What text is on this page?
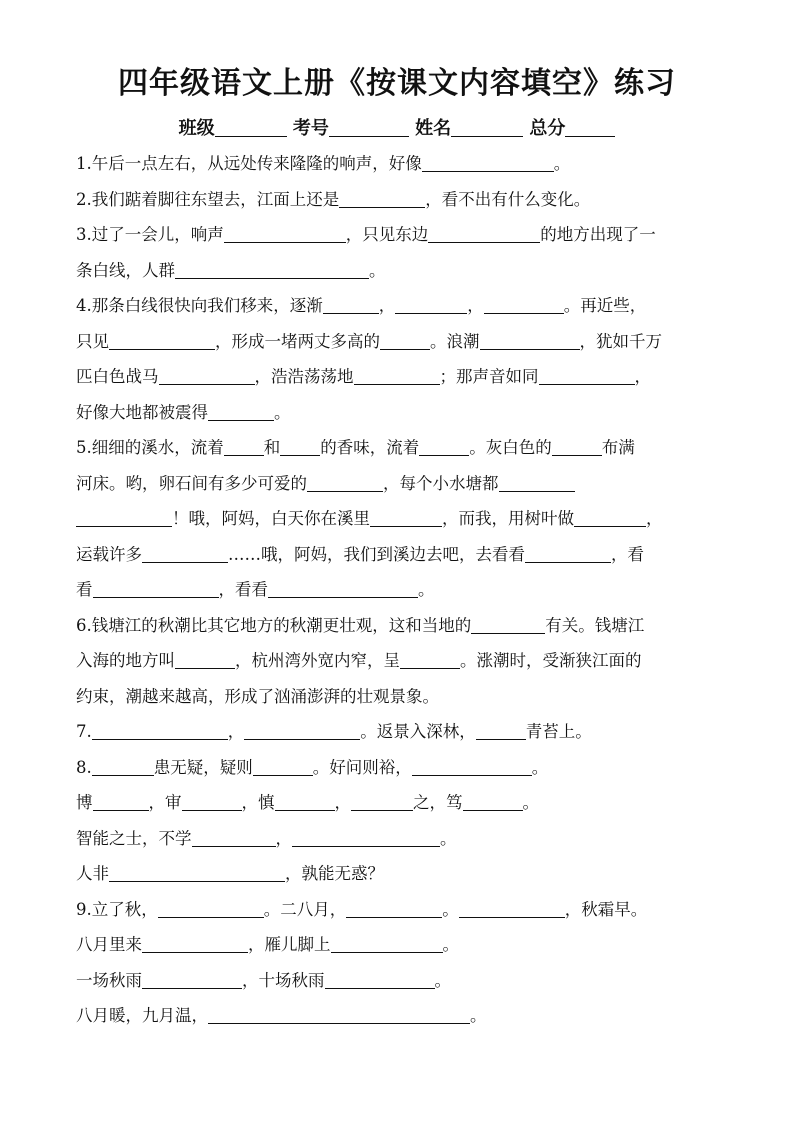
四年级语文上册《按课文内容填空》练习
班级	考号	姓名	总分
1.午后一点左右，从远处传来隆隆的响声，好像	。
2.我们踮着脚往东望去，江面上还是	，看不出有什么变化。
3.过了一会儿，响声	，只见东边	的地方出现了一
条白线，人群	。
4.那条白线很快向我们移来，逐渐	，	，	。再近些，
只见	，形成一堵两丈多高的	。浪潮	，犹如千万
匹白色战马	，浩浩荡荡地	；那声音如同	，
好像大地都被震得	。
5.细细的溪水，流着 和 的香味，流着	。灰白色的	布满
河床。哟，卵石间有多少可爱的	，每个小水塘都
！哦，阿妈，白天你在溪里	，而我，用树叶做	，
运载许多	……哦，阿妈，我们到溪边去吧，去看看	，看
看	，看看	。
6.钱塘江的秋潮比其它地方的秋潮更壮观，这和当地的	有关。钱塘江
入海的地方叫	，杭州湾外宽内窄，呈	。涨潮时，受渐狭江面的
约束，潮越来越高，形成了汹涌澎湃的壮观景象。
7.	，	。返景入深林，	青苔上。
8.	患无疑，疑则	。好问则裕，	。
博	，审	，慎	，	之，笃	。
智能之士，不学	，	。
人非	，孰能无惑？
9.立了秋，	。二八月，	。	，秋霜早。
八月里来	，雁儿脚上	。
一场秋雨	，十场秋雨	。
八月暖，九月温，	。
